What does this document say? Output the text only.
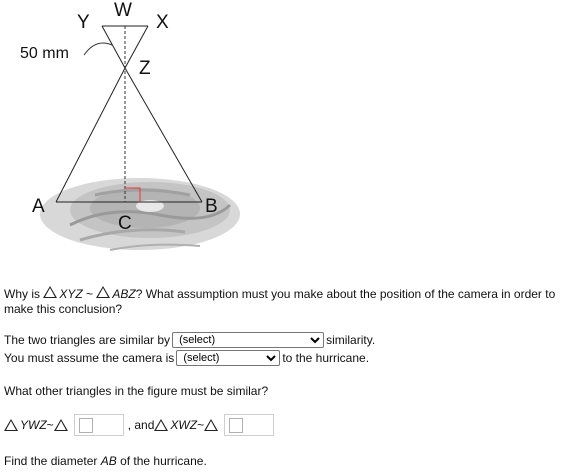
Y
W
X
Z
A	B
C
50 mm
Why is XYZ ~ ABZ? What assumption must you make about the position of the camera in order to make this conclusion?
The two triangles are similar by
(select)	similarity.
You must assume the camera is
(select)	to the hurricane.
What other triangles in the figure must be similar?
YWZ ~	, and XWZ ~
Find the diameter AB of the hurricane.
